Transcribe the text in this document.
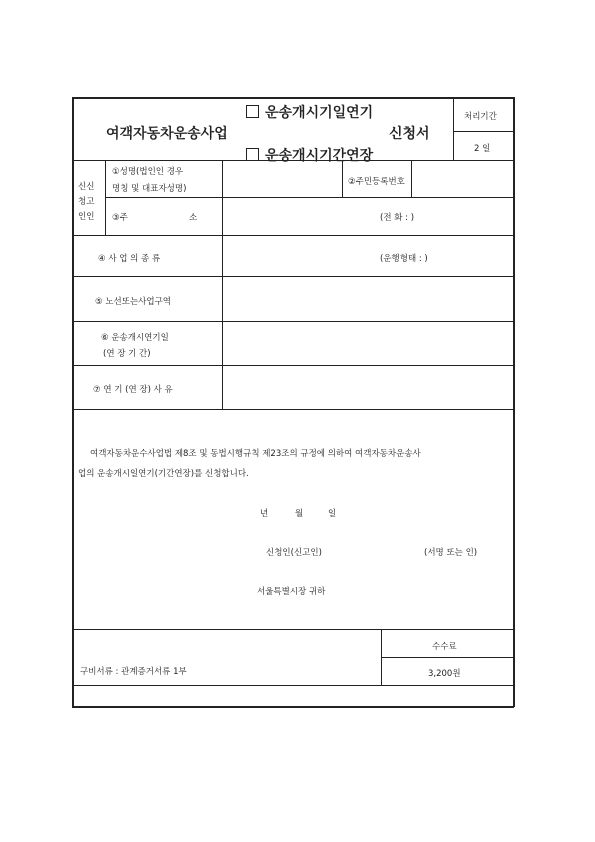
운송개시기일연기
여객자동차운송사업	신청서
운송개시기간연장
처리기간
2 일
신신
청고
인인
①성명(법인인 경우
명칭 및 대표자성명)
②주민등록번호
③주	소	(전 화 : )
④ 사 업 의 종 류	(운행형태 : )
⑤ 노선또는사업구역
⑥ 운송개시연기일
(연 장 기 간)
⑦ 연 기 (연 장) 사 유
여객자동차운수사업법 제8조 및 동법시행규칙 제23조의 규정에 의하여 여객자동차운송사
업의 운송개시일연기(기간연장)를 신청합니다.
년	월	일
신청인(신고인)	(서명 또는 인)
서울특별시장 귀하
구비서류 : 관계증거서류 1부
수수료
3,200원
